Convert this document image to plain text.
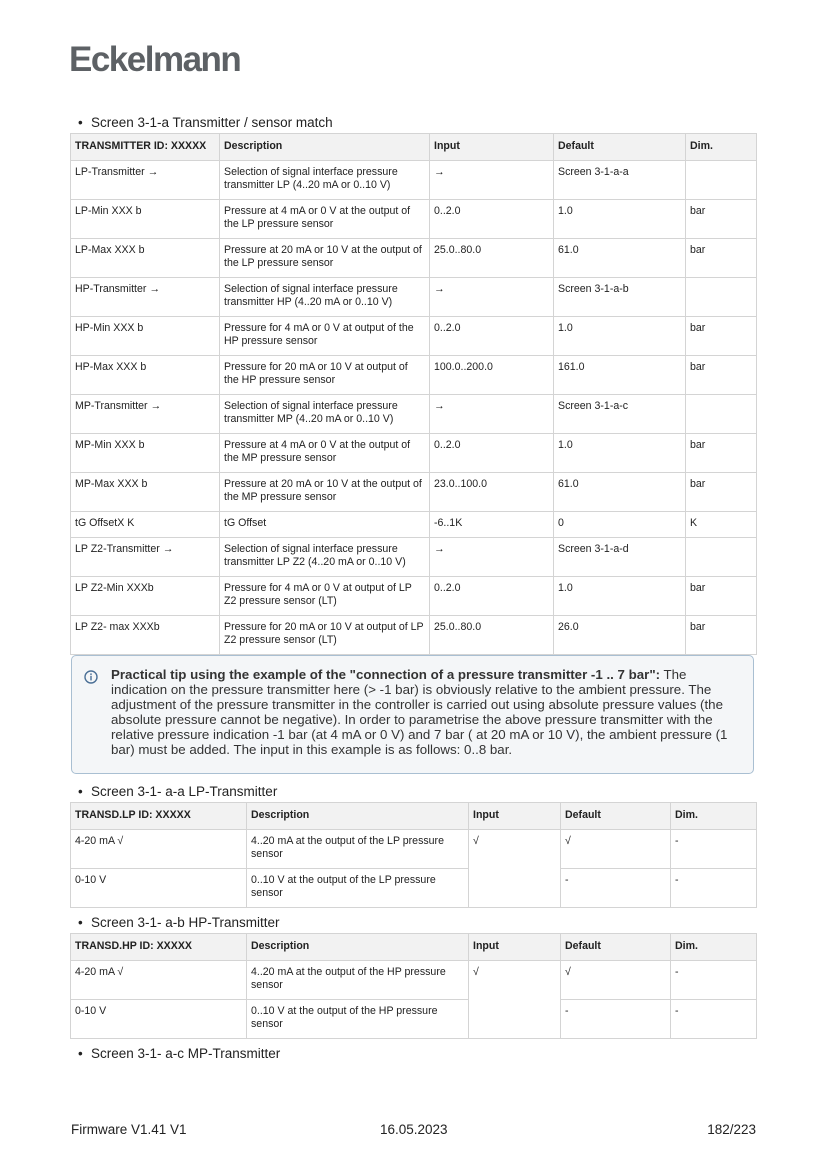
Eckelmann
• Screen 3-1-a Transmitter / sensor match
TRANSMITTER ID: XXXXX	Description	Input	Default	Dim.
LP-Transmitter →	Selection of signal interface pressure transmitter LP (4..20 mA or 0..10 V)	→	Screen 3-1-a-a	
LP-Min XXX b	Pressure at 4 mA or 0 V at the output of the LP pressure sensor	0..2.0	1.0	bar
LP-Max XXX b	Pressure at 20 mA or 10 V at the output of the LP pressure sensor	25.0..80.0	61.0	bar
HP-Transmitter →	Selection of signal interface pressure transmitter HP (4..20 mA or 0..10 V)	→	Screen 3-1-a-b	
HP-Min XXX b	Pressure for 4 mA or 0 V at output of the HP pressure sensor	0..2.0	1.0	bar
HP-Max XXX b	Pressure for 20 mA or 10 V at output of the HP pressure sensor	100.0..200.0	161.0	bar
MP-Transmitter →	Selection of signal interface pressure transmitter MP (4..20 mA or 0..10 V)	→	Screen 3-1-a-c	
MP-Min XXX b	Pressure at 4 mA or 0 V at the output of the MP pressure sensor	0..2.0	1.0	bar
MP-Max XXX b	Pressure at 20 mA or 10 V at the output of the MP pressure sensor	23.0..100.0	61.0	bar
tG OffsetX K	tG Offset	-6..1K	0	K
LP Z2-Transmitter →	Selection of signal interface pressure transmitter LP Z2 (4..20 mA or 0..10 V)	→	Screen 3-1-a-d	
LP Z2-Min XXXb	Pressure for 4 mA or 0 V at output of LP Z2 pressure sensor (LT)	0..2.0	1.0	bar
LP Z2- max XXXb	Pressure for 20 mA or 10 V at output of LP Z2 pressure sensor (LT)	25.0..80.0	26.0	bar
Practical tip using the example of the "connection of a pressure transmitter -1 .. 7 bar": The indication on the pressure transmitter here (> -1 bar) is obviously relative to the ambient pressure. The adjustment of the pressure transmitter in the controller is carried out using absolute pressure values (the absolute pressure cannot be negative). In order to parametrise the above pressure transmitter with the relative pressure indication -1 bar (at 4 mA or 0 V) and 7 bar ( at 20 mA or 10 V), the ambient pressure (1 bar) must be added. The input in this example is as follows: 0..8 bar.
• Screen 3-1- a-a LP-Transmitter
TRANSD.LP ID: XXXXX	Description	Input	Default	Dim.
4-20 mA √	4..20 mA at the output of the LP pressure sensor	√	√	-
0-10 V	0..10 V at the output of the LP pressure sensor		-	-
• Screen 3-1- a-b HP-Transmitter
TRANSD.HP ID: XXXXX	Description	Input	Default	Dim.
4-20 mA √	4..20 mA at the output of the HP pressure sensor	√	√	-
0-10 V	0..10 V at the output of the HP pressure sensor		-	-
• Screen 3-1- a-c MP-Transmitter
Firmware V1.41 V1	16.05.2023	182/223
